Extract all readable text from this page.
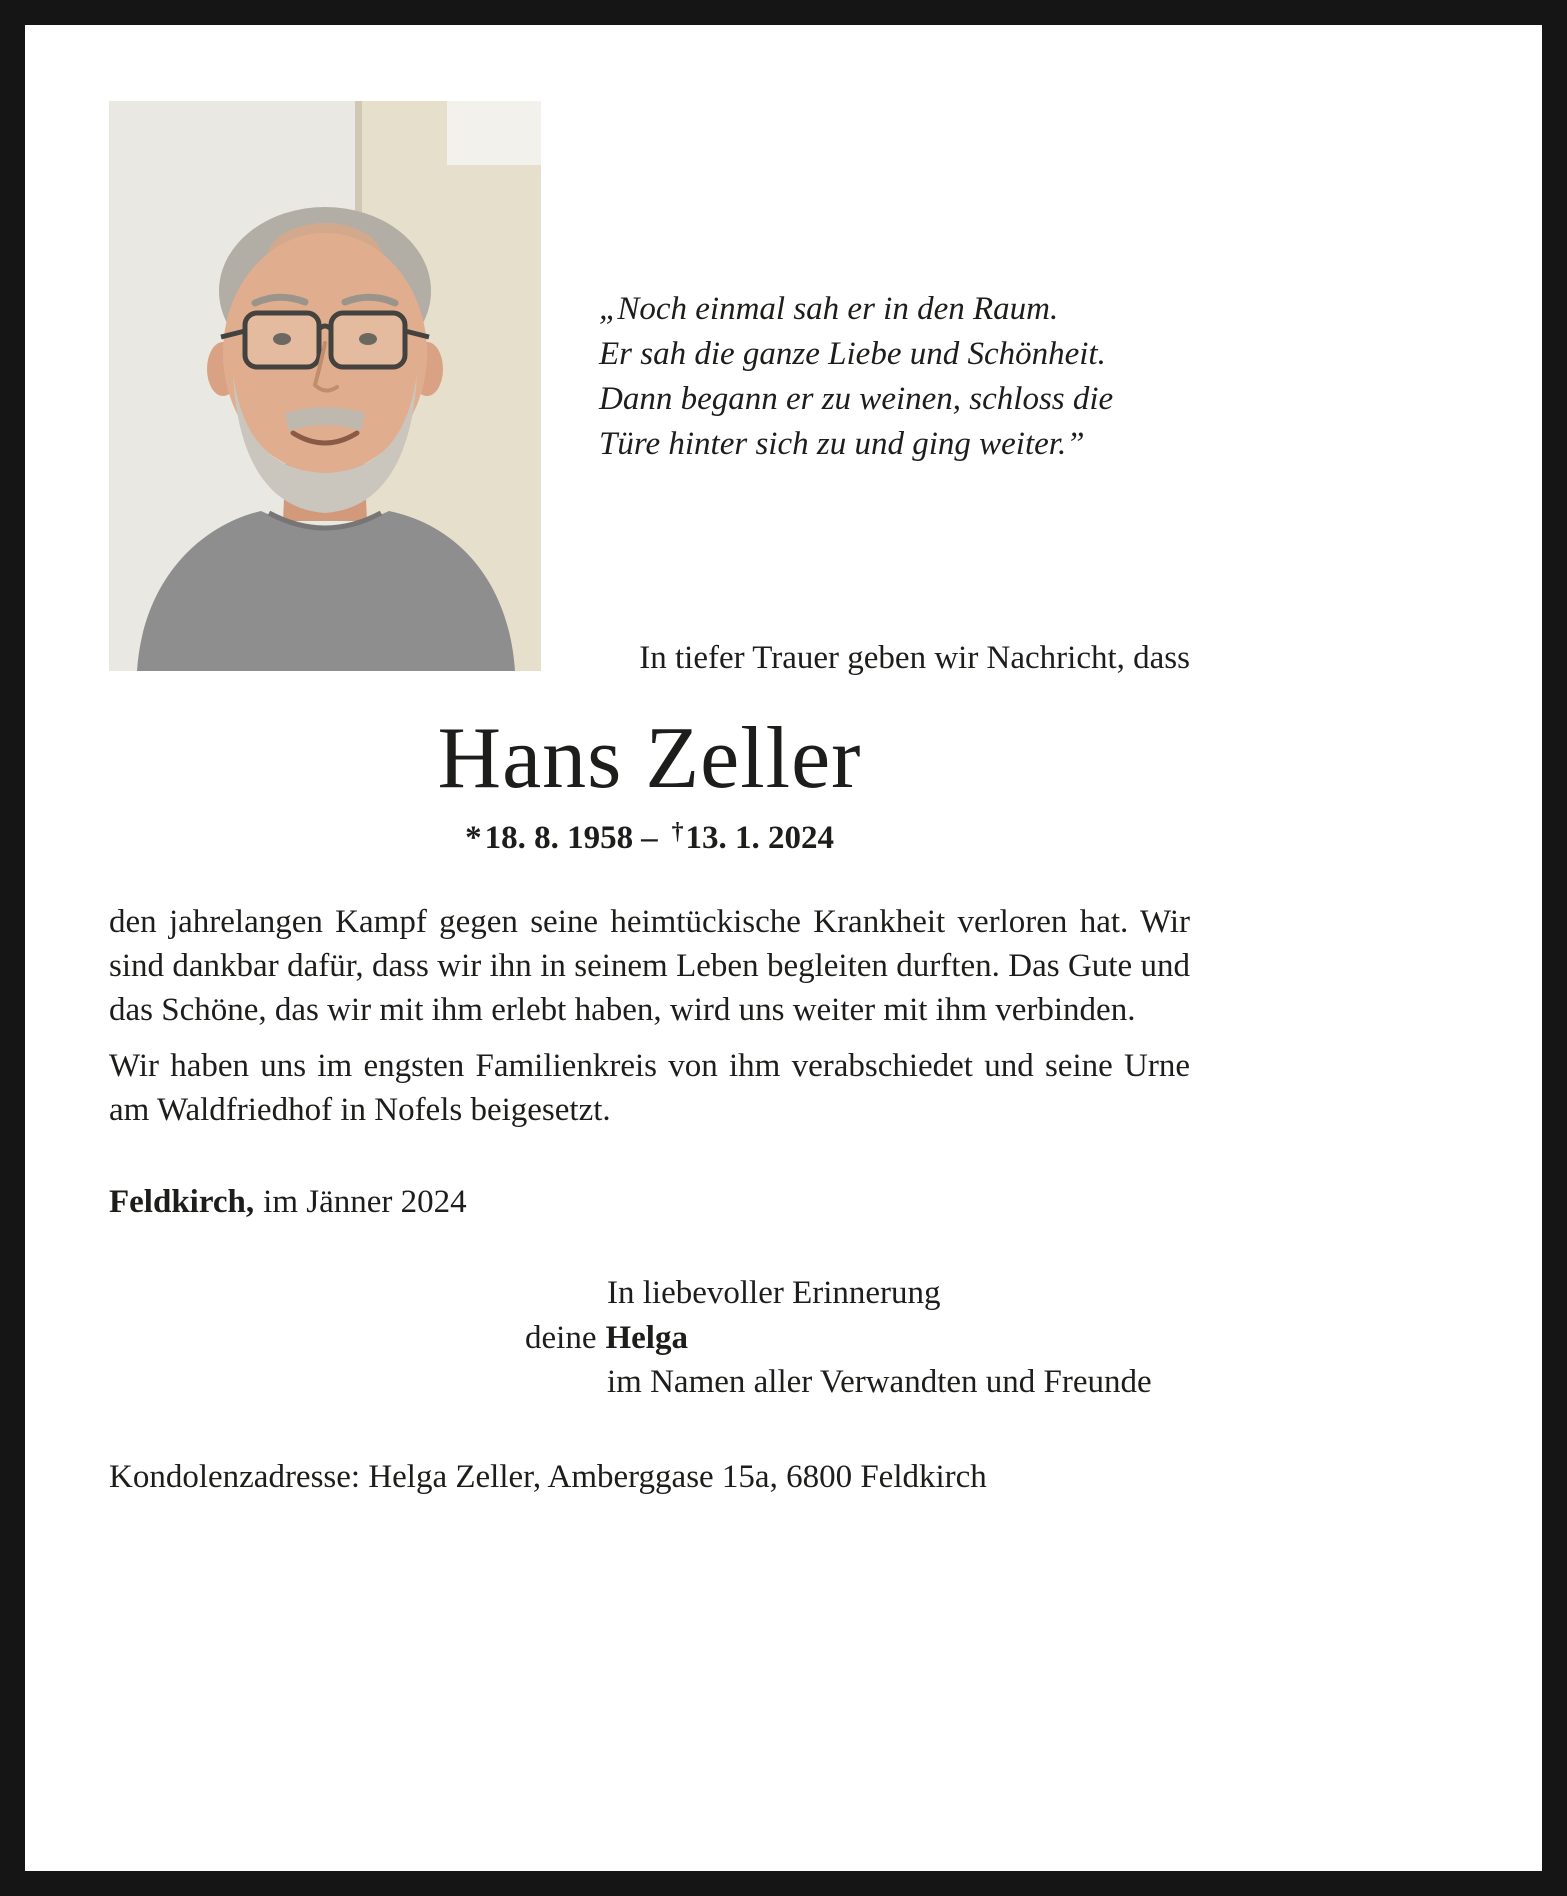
„Noch einmal sah er in den Raum.
Er sah die ganze Liebe und Schönheit.
Dann begann er zu weinen, schloss die
Türe hinter sich zu und ging weiter.”
In tiefer Trauer geben wir Nachricht, dass
Hans Zeller
*18. 8. 1958 – †13. 1. 2024

den jahrelangen Kampf gegen seine heimtückische Krankheit verloren hat. Wir sind dankbar dafür, dass wir ihn in seinem Leben begleiten durften. Das Gute und das Schöne, das wir mit ihm erlebt haben, wird uns weiter mit ihm verbinden.

Wir haben uns im engsten Familienkreis von ihm verabschiedet und seine Urne am Waldfriedhof in Nofels beigesetzt.

Feldkirch, im Jänner 2024
In liebevoller Erinnerung
deine Helga
im Namen aller Verwandten und Freunde
Kondolenzadresse: Helga Zeller, Amberggase 15a, 6800 Feldkirch
